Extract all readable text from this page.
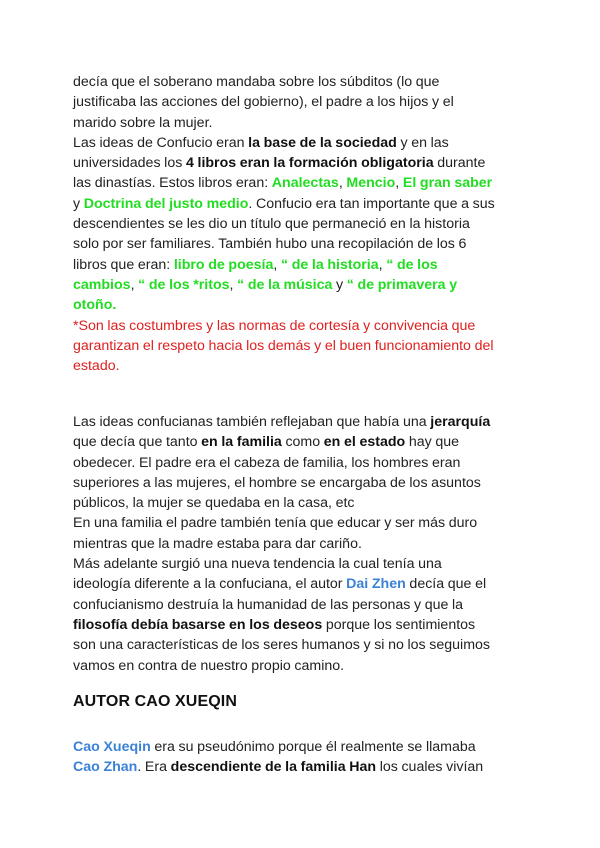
decía que el soberano mandaba sobre los súbditos (lo que
justificaba las acciones del gobierno), el padre a los hijos y el
marido sobre la mujer.
Las ideas de Confucio eran la base de la sociedad y en las
universidades los 4 libros eran la formación obligatoria durante
las dinastías. Estos libros eran: Analectas, Mencio, El gran saber
y Doctrina del justo medio. Confucio era tan importante que a sus
descendientes se les dio un título que permaneció en la historia
solo por ser familiares. También hubo una recopilación de los 6
libros que eran: libro de poesía, “ de la historia, “ de los
cambios, “ de los *ritos, “ de la música y “ de primavera y
otoño.
*Son las costumbres y las normas de cortesía y convivencia que
garantizan el respeto hacia los demás y el buen funcionamiento del
estado.
Las ideas confucianas también reflejaban que había una jerarquía
que decía que tanto en la familia como en el estado hay que
obedecer. El padre era el cabeza de familia, los hombres eran
superiores a las mujeres, el hombre se encargaba de los asuntos
públicos, la mujer se quedaba en la casa, etc
En una familia el padre también tenía que educar y ser más duro
mientras que la madre estaba para dar cariño.
Más adelante surgió una nueva tendencia la cual tenía una
ideología diferente a la confuciana, el autor Dai Zhen decía que el
confucianismo destruía la humanidad de las personas y que la
filosofía debía basarse en los deseos porque los sentimientos
son una características de los seres humanos y si no los seguimos
vamos en contra de nuestro propio camino.
AUTOR CAO XUEQIN
Cao Xueqin era su pseudónimo porque él realmente se llamaba
Cao Zhan. Era descendiente de la familia Han los cuales vivían
